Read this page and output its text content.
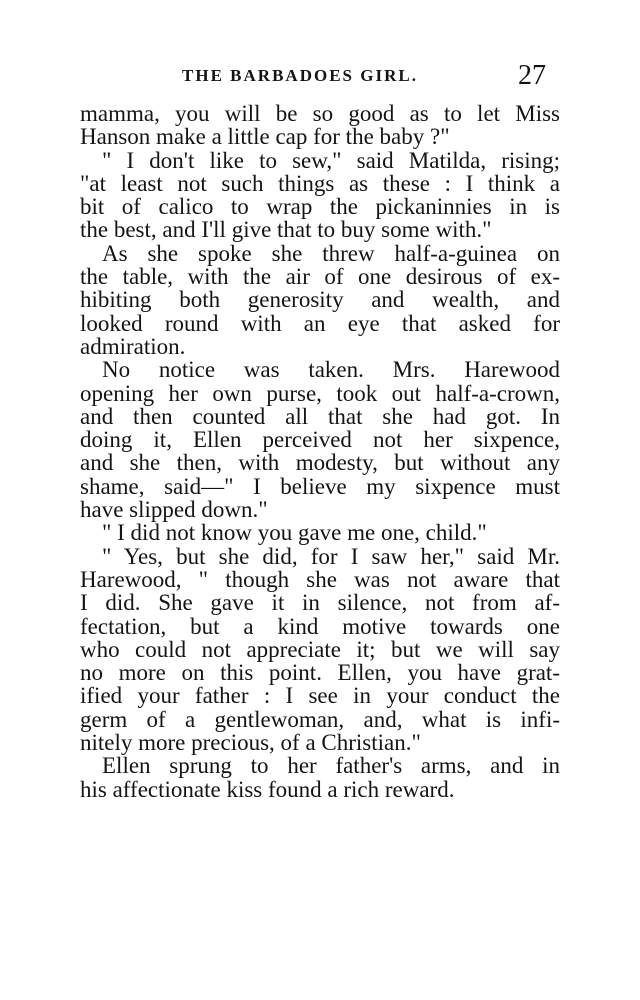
THE BARBADOES GIRL.	27
mamma, you will be so good as to let Miss
Hanson make a little cap for the baby ?"
" I don't like to sew," said Matilda, rising;
"at least not such things as these : I think a
bit of calico to wrap the pickaninnies in is
the best, and I'll give that to buy some with."
As she spoke she threw half-a-guinea on
the table, with the air of one desirous of ex-
hibiting both generosity and wealth, and
looked round with an eye that asked for
admiration.
No notice was taken. Mrs. Harewood
opening her own purse, took out half-a-crown,
and then counted all that she had got. In
doing it, Ellen perceived not her sixpence,
and she then, with modesty, but without any
shame, said—" I believe my sixpence must
have slipped down."
" I did not know you gave me one, child."
" Yes, but she did, for I saw her," said Mr.
Harewood, " though she was not aware that
I did. She gave it in silence, not from af-
fectation, but a kind motive towards one
who could not appreciate it; but we will say
no more on this point. Ellen, you have grat-
ified your father : I see in your conduct the
germ of a gentlewoman, and, what is infi-
nitely more precious, of a Christian."
Ellen sprung to her father's arms, and in
his affectionate kiss found a rich reward.
